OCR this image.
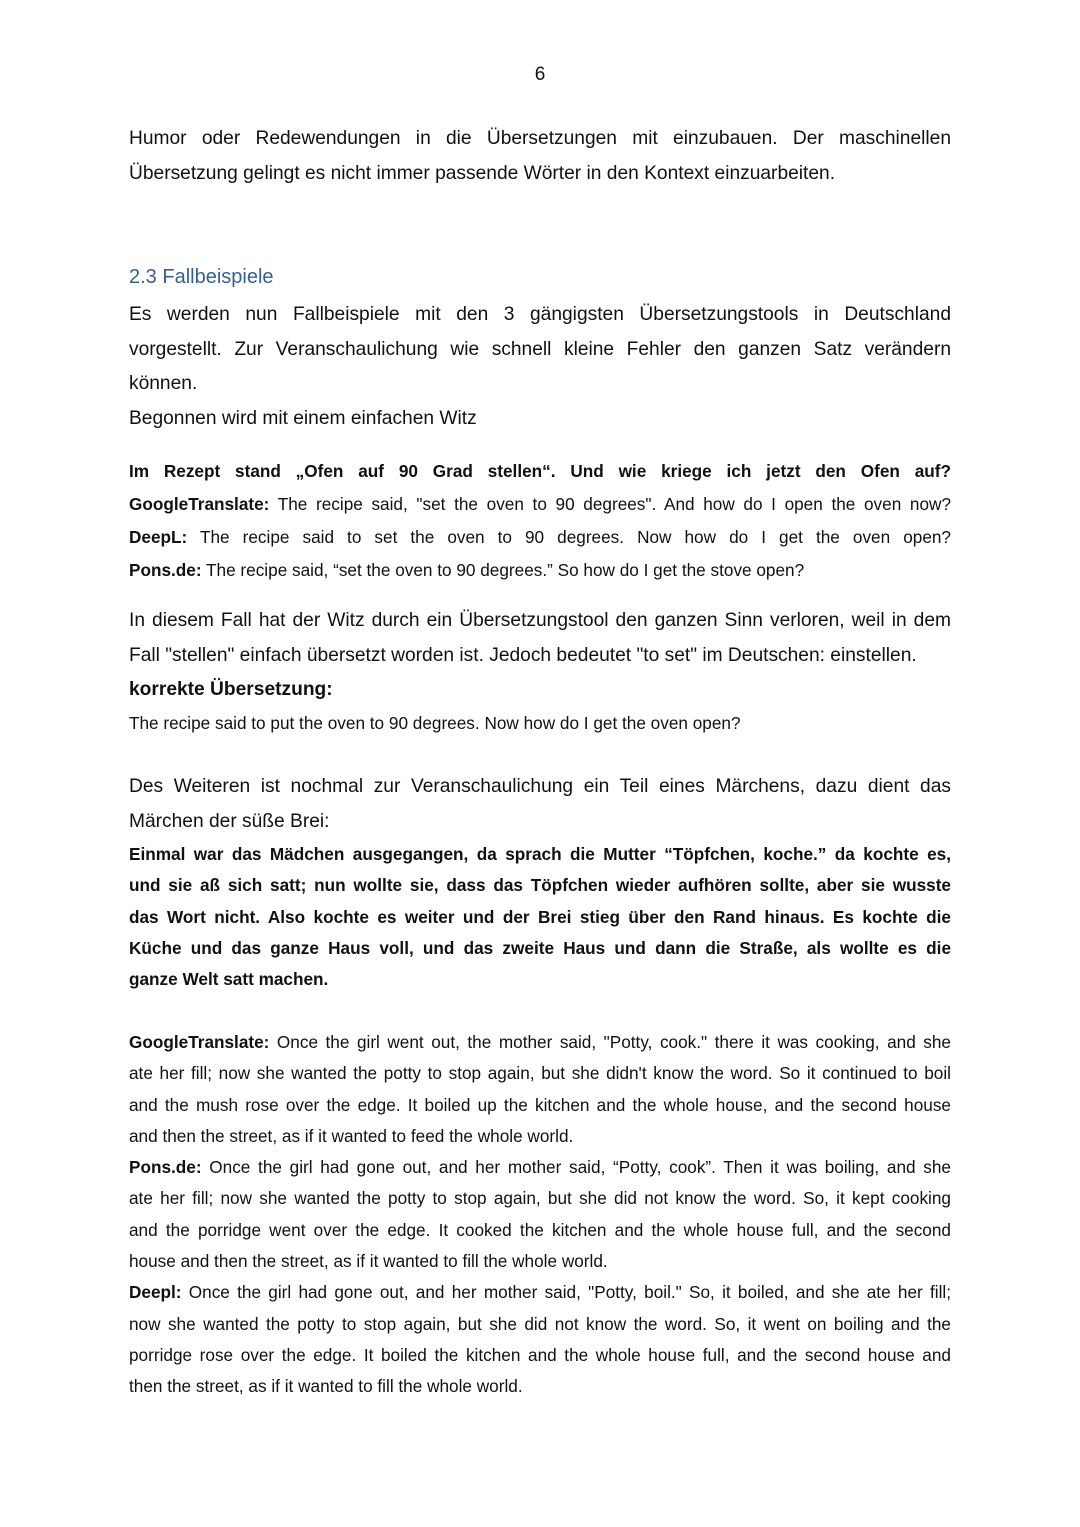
6

Humor oder Redewendungen in die Übersetzungen mit einzubauen. Der maschinellen

Übersetzung gelingt es nicht immer passende Wörter in den Kontext einzuarbeiten.

2.3 Fallbeispiele

Es werden nun Fallbeispiele mit den 3 gängigsten Übersetzungstools in Deutschland

vorgestellt. Zur Veranschaulichung wie schnell kleine Fehler den ganzen Satz verändern

können.

Begonnen wird mit einem einfachen Witz

Im Rezept stand „Ofen auf 90 Grad stellen“. Und wie kriege ich jetzt den Ofen auf?

GoogleTranslate: The recipe said, "set the oven to 90 degrees". And how do I open the oven now?

DeepL: The recipe said to set the oven to 90 degrees. Now how do I get the oven open?

Pons.de: The recipe said, “set the oven to 90 degrees.” So how do I get the stove open?

In diesem Fall hat der Witz durch ein Übersetzungstool den ganzen Sinn verloren, weil in dem

Fall "stellen" einfach übersetzt worden ist. Jedoch bedeutet "to set" im Deutschen: einstellen.

korrekte Übersetzung:

The recipe said to put the oven to 90 degrees. Now how do I get the oven open?

Des Weiteren ist nochmal zur Veranschaulichung ein Teil eines Märchens, dazu dient das

Märchen der süße Brei:

Einmal war das Mädchen ausgegangen, da sprach die Mutter “Töpfchen, koche.” da kochte es,

und sie aß sich satt; nun wollte sie, dass das Töpfchen wieder aufhören sollte, aber sie wusste

das Wort nicht. Also kochte es weiter und der Brei stieg über den Rand hinaus. Es kochte die

Küche und das ganze Haus voll, und das zweite Haus und dann die Straße, als wollte es die

ganze Welt satt machen.

GoogleTranslate: Once the girl went out, the mother said, "Potty, cook." there it was cooking, and she

ate her fill; now she wanted the potty to stop again, but she didn't know the word. So it continued to boil

and the mush rose over the edge. It boiled up the kitchen and the whole house, and the second house

and then the street, as if it wanted to feed the whole world.

Pons.de: Once the girl had gone out, and her mother said, “Potty, cook”. Then it was boiling, and she

ate her fill; now she wanted the potty to stop again, but she did not know the word. So, it kept cooking

and the porridge went over the edge. It cooked the kitchen and the whole house full, and the second

house and then the street, as if it wanted to fill the whole world.

Deepl: Once the girl had gone out, and her mother said, "Potty, boil." So, it boiled, and she ate her fill;

now she wanted the potty to stop again, but she did not know the word. So, it went on boiling and the

porridge rose over the edge. It boiled the kitchen and the whole house full, and the second house and

then the street, as if it wanted to fill the whole world.
